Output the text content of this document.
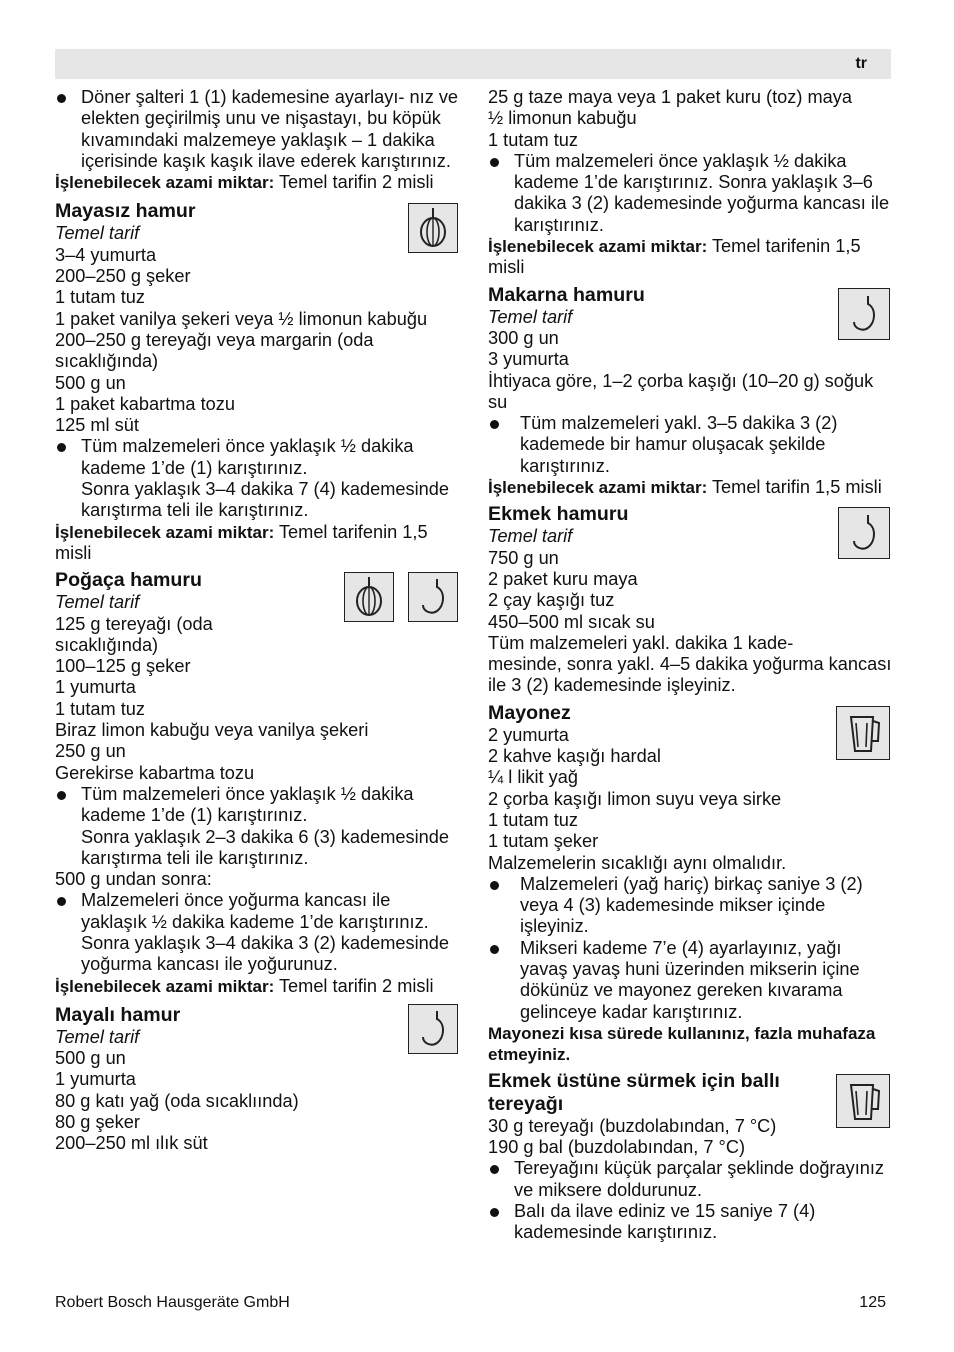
tr

Döner şalteri 1 (1) kademesine ayarlayı- nız ve elekten geçirilmiş unu ve nişastayı, bu köpük kıvamındaki malzemeye yaklaşık – 1 dakika içerisinde kaşık kaşık ilave ederek karıştırınız.

İşlenebilecek azami miktar: Temel tarifin 2 misli

Mayasız hamur

Temel tarif

3–4 yumurta

200–250 g şeker

1 tutam tuz

1 paket vanilya şekeri veya ½ limonun kabuğu

200–250 g tereyağı veya margarin (oda sıcaklığında)

500 g un

1 paket kabartma tozu

125 ml süt

Tüm malzemeleri önce yaklaşık ½ dakika kademe 1’de (1) karıştırınız.
Sonra yaklaşık 3–4 dakika 7 (4) kademesinde karıştırma teli ile karıştırınız.

İşlenebilecek azami miktar: Temel tarifenin 1,5 misli

Poğaça hamuru

Temel tarif

125 g tereyağı (oda
sıcaklığında)

100–125 g şeker

1 yumurta

1 tutam tuz

Biraz limon kabuğu veya vanilya şekeri

250 g un

Gerekirse kabartma tozu

Tüm malzemeleri önce yaklaşık ½ dakika kademe 1’de (1) karıştırınız.
Sonra yaklaşık 2–3 dakika 6 (3) kademesinde karıştırma teli ile karıştırınız.

500 g undan sonra:

Malzemeleri önce yoğurma kancası ile yaklaşık ½ dakika kademe 1’de karıştırınız. Sonra yaklaşık 3–4 dakika 3 (2) kademesinde yoğurma kancası ile yoğurunuz.

İşlenebilecek azami miktar: Temel tarifin 2 misli

Mayalı hamur

Temel tarif

500 g un

1 yumurta

80 g katı yağ (oda sıcaklıında)

80 g şeker

200–250 ml ılık süt

25 g taze maya veya 1 paket kuru (toz) maya

½ limonun kabuğu

1 tutam tuz

Tüm malzemeleri önce yaklaşık ½ dakika kademe 1’de karıştırınız. Sonra yaklaşık 3–6 dakika 3 (2) kademesinde yoğurma kancası ile karıştırınız.

İşlenebilecek azami miktar: Temel tarifenin 1,5 misli

Makarna hamuru

Temel tarif

300 g un

3 yumurta

İhtiyaca göre, 1–2 çorba kaşığı (10–20 g) soğuk su

Tüm malzemeleri yakl. 3–5 dakika 3 (2) kademede bir hamur oluşacak şekilde karıştırınız.

İşlenebilecek azami miktar: Temel tarifin 1,5 misli

Ekmek hamuru

Temel tarif

750 g un

2 paket kuru maya

2 çay kaşığı tuz

450–500 ml sıcak su

Tüm malzemeleri yakl. dakika 1 kade-
mesinde, sonra yakl. 4–5 dakika yoğurma kancası ile 3 (2) kademesinde işleyiniz.

Mayonez

2 yumurta

2 kahve kaşığı hardal

¼ l likit yağ

2 çorba kaşığı limon suyu veya sirke

1 tutam tuz

1 tutam şeker

Malzemelerin sıcaklığı aynı olmalıdır.

Malzemeleri (yağ hariç) birkaç saniye 3 (2) veya 4 (3) kademesinde mikser içinde işleyiniz.

Mikseri kademe 7’e (4) ayarlayınız, yağı yavaş yavaş huni üzerinden mikserin içine dökünüz ve mayonez gereken kıvarama gelinceye kadar karıştırınız.

Mayonezi kısa sürede kullanınız, fazla muhafaza etmeyiniz.

Ekmek üstüne sürmek için ballı tereyağı

30 g tereyağı (buzdolabından, 7 °C)

190 g bal (buzdolabından, 7 °C)

Tereyağını küçük parçalar şeklinde doğrayınız ve miksere doldurunuz.

Balı da ilave ediniz ve 15 saniye 7 (4) kademesinde karıştırınız.

Robert Bosch Hausgeräte GmbH	125
